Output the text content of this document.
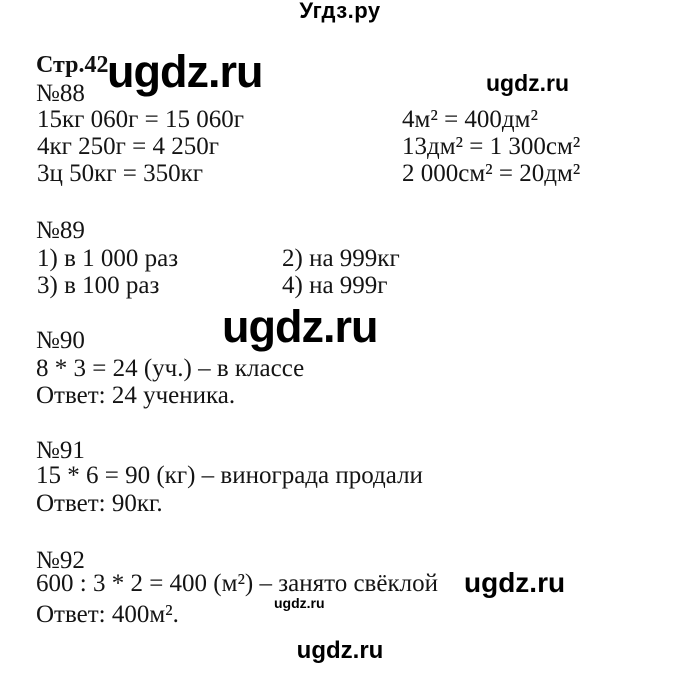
Угдз.ру
Стр.42
ugdz.ru	ugdz.ru
№88
15кг 060г = 15 060г
4кг 250г = 4 250г
3ц 50кг = 350кг
4м² = 400дм²
13дм² = 1 300см²
2 000см² = 20дм²
№89
1) в 1 000 раз
3) в 100 раз
2) на 999кг
4) на 999г
ugdz.ru
№90
8 * 3 = 24 (уч.) – в классе
Ответ: 24 ученика.
№91
15 * 6 = 90 (кг) – винограда продали
Ответ: 90кг.
№92
600 : 3 * 2 = 400 (м²) – занято свёклой ugdz.ru
ugdz.ru
Ответ: 400м².
ugdz.ru
